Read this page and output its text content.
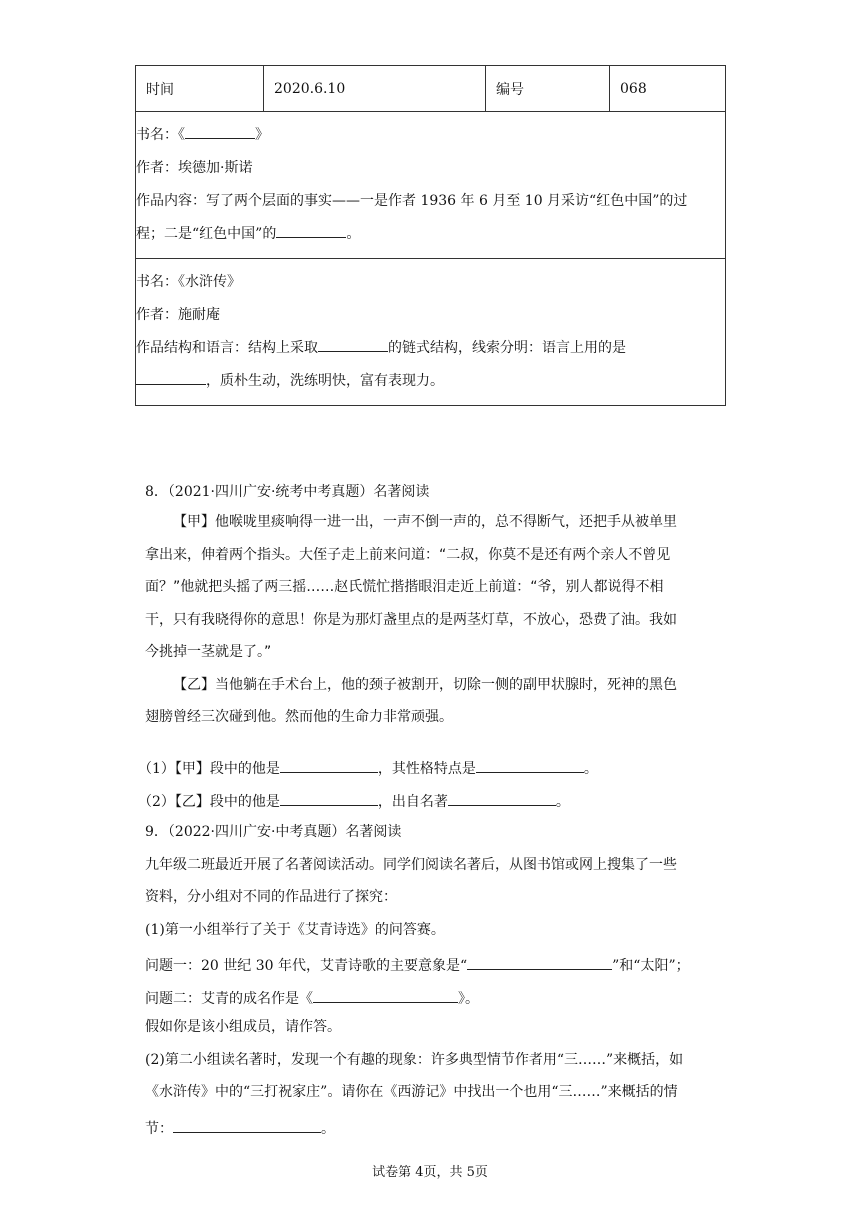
时间	2020.6.10	编号	068

书名：《	》
作者：埃德加·斯诺
作品内容：写了两个层面的事实——一是作者 1936 年 6 月至 10 月采访“红色中国”的过
程；二是“红色中国”的	。

书名：《水浒传》
作者：施耐庵
作品结构和语言：结构上采取	的链式结构，线索分明：语言上用的是
，质朴生动，洗练明快，富有表现力。
8．（2021·四川广安·统考中考真题）名著阅读
【甲】他喉咙里痰响得一进一出，一声不倒一声的，总不得断气，还把手从被单里
拿出来，伸着两个指头。大侄子走上前来问道：“二叔，你莫不是还有两个亲人不曾见
面？”他就把头摇了两三摇……赵氏慌忙揩揩眼泪走近上前道：“爷，别人都说得不相
干，只有我晓得你的意思！你是为那灯盏里点的是两茎灯草，不放心，恐费了油。我如
今挑掉一茎就是了。”
【乙】当他躺在手术台上，他的颈子被割开，切除一侧的副甲状腺时，死神的黑色
翅膀曾经三次碰到他。然而他的生命力非常顽强。
（1）【甲】段中的他是	，其性格特点是	。
（2）【乙】段中的他是	，出自名著	。
9．（2022·四川广安·中考真题）名著阅读
九年级二班最近开展了名著阅读活动。同学们阅读名著后，从图书馆或网上搜集了一些
资料，分小组对不同的作品进行了探究：
(1)第一小组举行了关于《艾青诗选》的问答赛。
问题一：20 世纪 30 年代，艾青诗歌的主要意象是“	”和“太阳”；
问题二：艾青的成名作是《	》。
假如你是该小组成员，请作答。
(2)第二小组读名著时，发现一个有趣的现象：许多典型情节作者用“三……”来概括，如
《水浒传》中的“三打祝家庄”。请你在《西游记》中找出一个也用“三……”来概括的情
节：	。
试卷第 4页，共 5页
